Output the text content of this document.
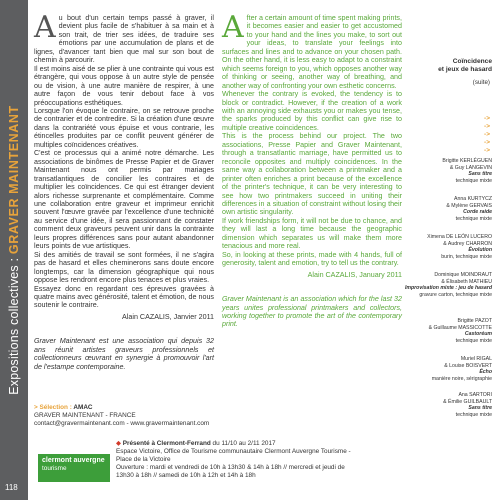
Expositions collectives : GRAVER MAINTENANT
118

Au bout d'un certain temps passé à graver, il devient plus facile de s'habituer à sa main et à son trait, de trier ses idées, de traduire ses émotions par une accumulation de plans et de lignes, d'avancer tant bien que mal sur son bout de chemin à parcourir.

Il est moins aisé de se plier à une contrainte qui vous est étrangère, qui vous oppose à un autre style de pensée ou de vision, à une autre manière de respirer, à une autre façon de vous tenir debout face à vos préoccupations esthétiques.

Lorsque l'on évoque le contraire, on se retrouve proche de contrarier et de contredire. Si la création d'une œuvre dans la contrariété vous épuise et vous contrarie, les étincelles produites par ce conflit peuvent générer de multiples coïncidences créatives.

C'est ce processus qui a animé notre démarche. Les associations de binômes de Presse Papier et de Graver Maintenant nous ont permis par mariages transatlantiques de concilier les contraires et de multiplier les coïncidences. Ce qui est étranger devient alors richesse surprenante et complémentaire. Comme une collaboration entre graveur et imprimeur enrichit souvent l'œuvre gravée par l'excellence d'une technicité au service d'une idée, il sera passionnant de constater comment deux graveurs peuvent unir dans la contrainte leurs propres différences sans pour autant abandonner leurs points de vue artistiques.

Si des amitiés de travail se sont formées, il ne s'agira pas de hasard et elles cheminerons sans doute encore longtemps, car la dimension géographique qui nous oppose les rendront encore plus tenaces et plus vraies.

Essayez donc en regardant ces épreuves gravées à quatre mains avec générosité, talent et émotion, de nous soutenir le contraire.

Alain CAZALIS, Janvier 2011

Graver Maintenant est une association qui depuis 32 ans réunit artistes graveurs professionnels et collectionneurs œuvrant en synergie à promouvoir l'art de l'estampe contemporaine.

After a certain amount of time spent making prints, it becomes easier and easier to get accustomed to your hand and the lines you make, to sort out your ideas, to translate your feelings into surfaces and lines and to advance on your chosen path. On the other hand, it is less easy to adapt to a constraint which seems foreign to you, which opposes another way of thinking or seeing, another way of breathing, and another way of confronting your own esthetic concerns.

Whenever the contrary is evoked, the tendency is to block or contradict. However, if the creation of a work with an annoying side exhausts you or makes you tense, the sparks produced by this conflict can give rise to multiple creative coincidences.

This is the process behind our project. The two associations, Presse Papier and Graver Maintenant, through a transatlantic marriage, have permitted us to reconcile opposites and multiply coincidences. In the same way a collaboration between a printmaker and a printer often enriches a print because of the excellence of the printer's technique, it can be very interesting to see how two printmakers succeed in uniting their differences in a situation of constraint without losing their own artistic singularity.

If work friendships form, it will not be due to chance, and they will last a long time because the geographic dimension which separates us will make them more tenacious and more real.

So, in looking at these prints, made with 4 hands, full of generosity, talent and emotion, try to tell us the contrary.

Alain CAZALIS, January 2011

Graver Maintenant is an association which for the last 32 years unites professional printmakers and collectors, working together to promote the art of the contemporary print.

Coïncidence
et jeux de hasard
(suite)
->
->
->
->
->
Brigitte KERLÉGUEN
& Guy LANGEVIN
Sans titre
technique mixte
Anna KURTYCZ
& Mylène GERVAIS
Corde raide
technique mixte
Ximena DE LEÓN LUCERO
& Audrey CHARRON
Évolution
burin, technique mixte
Dominique MOINDRAUT
& Élisabeth MATHIEU
Improvisation mixte : jeu de hasard
gravure carton, technique mixte
Brigitte PAZOT
& Guillaume MASSICOTTE
Castoréum
technique mixte
Muriel RIGAL
& Louise BOISVERT
Écho
manière noire, sérigraphie
Ana SARTORI
& Émilie GUILBAULT
Sans titre
technique mixte
> Sélection : AMAC
GRAVER MAINTENANT - FRANCE
contact@gravermaintenant.com - www.gravermaintenant.com
clermont auvergne
tourisme
◆ Présenté à Clermont-Ferrand du 11/10 au 2/11 2017
Espace Victoire, Office de Tourisme communautaire Clermont Auvergne Tourisme -
Place de la Victoire
Ouverture : mardi et vendredi de 10h à 13h30 & 14h à 18h // mercredi et jeudi de
13h30 à 18h // samedi de 10h à 12h et 14h à 18h
